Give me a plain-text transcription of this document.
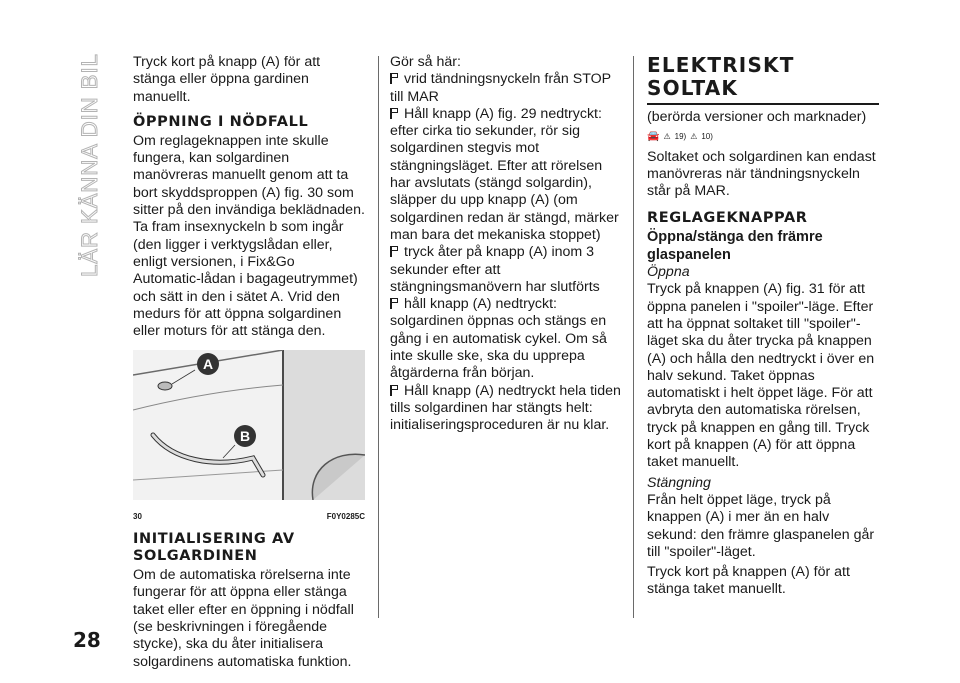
LÄR KÄNNA DIN BIL Tryck kort på knapp (A) för att stänga eller öppna gardinen manuellt.

ÖPPNING I NÖDFALL

Om reglageknappen inte skulle fungera, kan solgardinen manövreras manuellt genom att ta bort skyddsproppen (A) fig. 30 som sitter på den invändiga beklädnaden. Ta fram insexnyckeln b som ingår (den ligger i verktygslådan eller, enligt versionen, i Fix&Go Automatic-lådan i bagageutrymmet) och sätt in den i sätet A. Vrid den medurs för att öppna solgardinen eller moturs för att stänga den.

A
B
30	F0Y0285C
INITIALISERING AV SOLGARDINEN

Om de automatiska rörelserna inte fungerar för att öppna eller stänga taket eller efter en öppning i nödfall (se beskrivningen i föregående stycke), ska du åter initialisera solgardinens automatiska funktion.

Gör så här:

vrid tändningsnyckeln från STOP till MAR

Håll knapp (A) fig. 29 nedtryckt: efter cirka tio sekunder, rör sig solgardinen stegvis mot stängningsläget. Efter att rörelsen har avslutats (stängd solgardin), släpper du upp knapp (A) (om solgardinen redan är stängd, märker man bara det mekaniska stoppet)

tryck åter på knapp (A) inom 3 sekunder efter att stängningsmanövern har slutförts

håll knapp (A) nedtryckt: solgardinen öppnas och stängs en gång i en automatisk cykel. Om så inte skulle ske, ska du upprepa åtgärderna från början.

Håll knapp (A) nedtryckt hela tiden tills solgardinen har stängts helt: initialiseringsproceduren är nu klar.

ELEKTRISKT SOLTAK

(berörda versioner och marknader)

🚘 ⚠ 19) ⚠ 10)

Soltaket och solgardinen kan endast manövreras när tändningsnyckeln står på MAR.

REGLAGEKNAPPAR
Öppna/stänga den främre glaspanelen

Öppna

Tryck på knappen (A) fig. 31 för att öppna panelen i "spoiler"-läge. Efter att ha öppnat soltaket till "spoiler"-läget ska du åter trycka på knappen (A) och hålla den nedtryckt i över en halv sekund. Taket öppnas automatiskt i helt öppet läge. För att avbryta den automatiska rörelsen, tryck på knappen en gång till. Tryck kort på knappen (A) för att öppna taket manuellt.

Stängning

Från helt öppet läge, tryck på knappen (A) i mer än en halv sekund: den främre glaspanelen går till "spoiler"-läget.

Tryck kort på knappen (A) för att stänga taket manuellt.

28
